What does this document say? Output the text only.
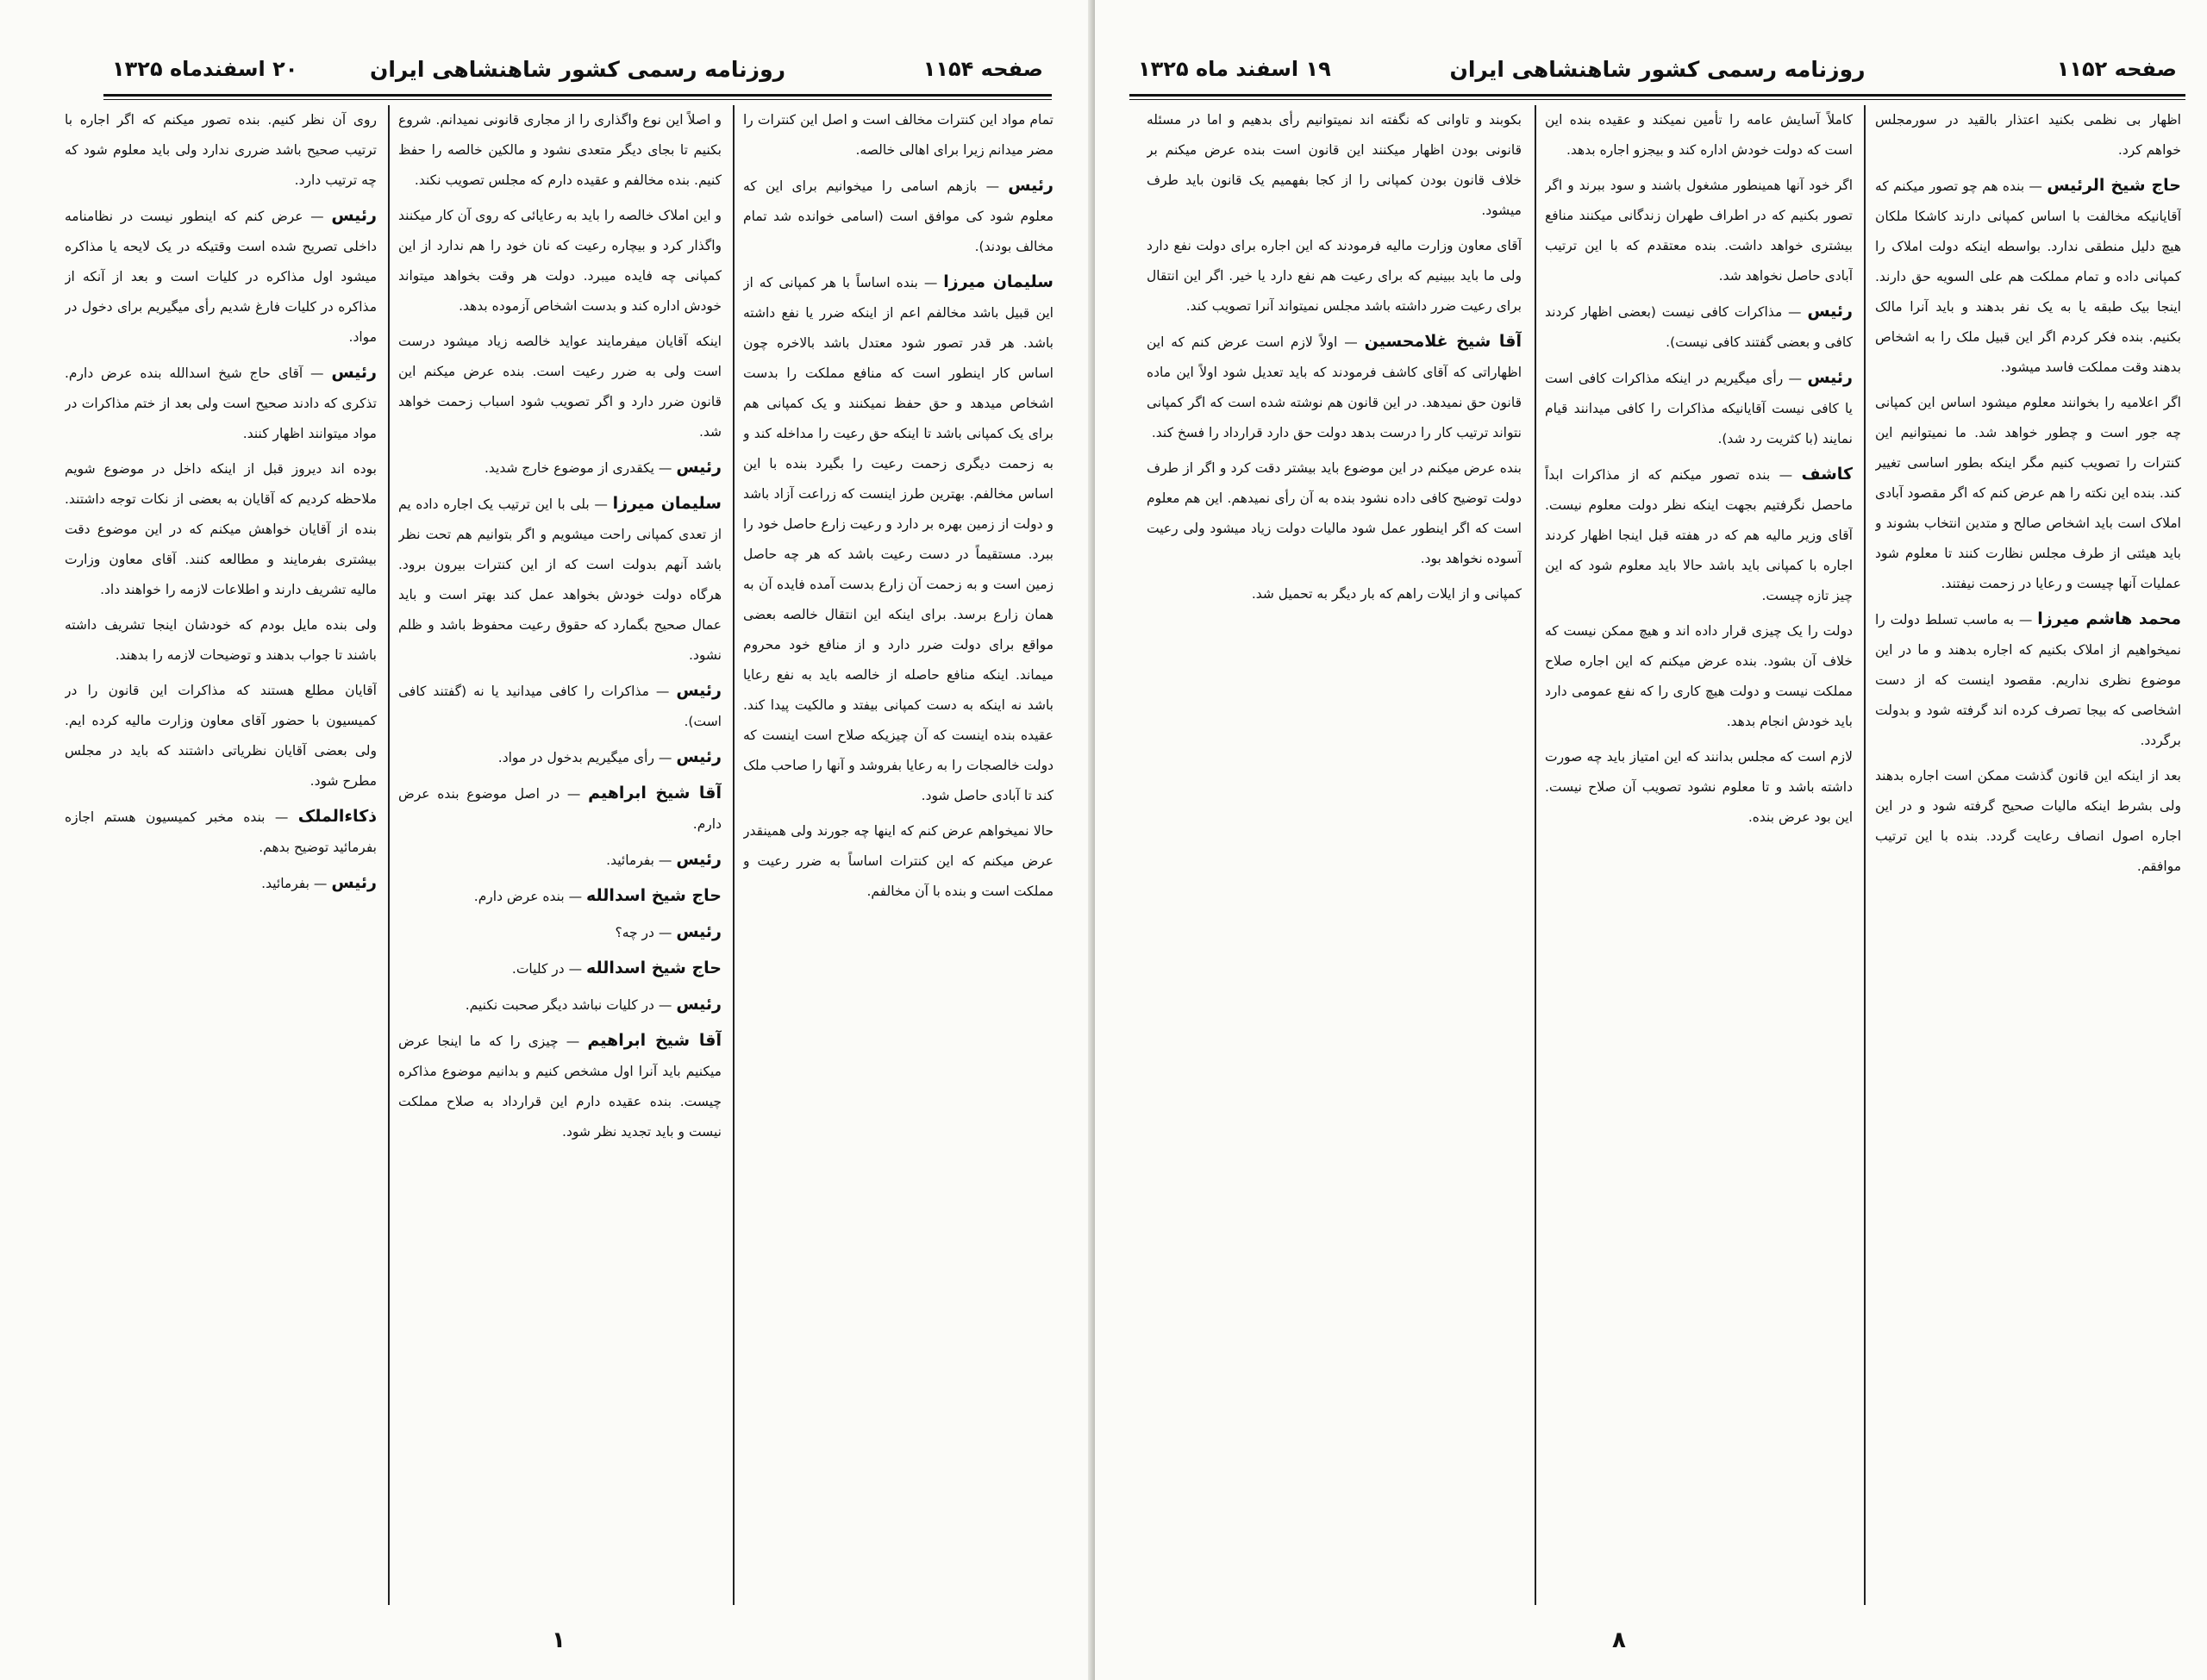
صفحه ۱۱۵۴
روزنامه رسمی کشور شاهنشاهی ایران
۲۰ اسفندماه ۱۳۲۵

تمام مواد این کنترات مخالف است و اصل این کنترات را مضر میدانم زیرا برای اهالی خالصه.

رئیس — بازهم اسامی را میخوانیم برای این که معلوم شود کی موافق است (اسامی خوانده شد تمام مخالف بودند).

سلیمان میرزا — بنده اساساً با هر کمپانی که از این قبیل باشد مخالفم اعم از اینکه ضرر یا نفع داشته باشد. هر قدر تصور شود معتدل باشد بالاخره چون اساس کار اینطور است که منافع مملکت را بدست اشخاص میدهد و حق حفظ نمیکنند و یک کمپانی هم برای یک کمپانی باشد تا اینکه حق رعیت را مداخله کند و به زحمت دیگری زحمت رعیت را بگیرد بنده با این اساس مخالفم. بهترین طرز اینست که زراعت آزاد باشد و دولت از زمین بهره بر دارد و رعیت زارع حاصل خود را ببرد. مستقیماً در دست رعیت باشد که هر چه حاصل زمین است و به زحمت آن زارع بدست آمده فایده آن به همان زارع برسد. برای اینکه این انتقال خالصه بعضی مواقع برای دولت ضرر دارد و از منافع خود محروم میماند. اینکه منافع حاصله از خالصه باید به نفع رعایا باشد نه اینکه به دست کمپانی بیفتد و مالکیت پیدا کند. عقیده بنده اینست که آن چیزیکه صلاح است اینست که دولت خالصجات را به رعایا بفروشد و آنها را صاحب ملک کند تا آبادی حاصل شود.

حالا نمیخواهم عرض کنم که اینها چه جورند ولی همینقدر عرض میکنم که این کنترات اساساً به ضرر رعیت و مملکت است و بنده با آن مخالفم.

و اصلاً این نوع واگذاری را از مجاری قانونی نمیدانم. شروع بکنیم تا بجای دیگر متعدی نشود و مالکین خالصه را حفظ کنیم. بنده مخالفم و عقیده دارم که مجلس تصویب نکند.

و این املاک خالصه را باید به رعایائی که روی آن کار میکنند واگذار کرد و بیچاره رعیت که نان خود را هم ندارد از این کمپانی چه فایده میبرد. دولت هر وقت بخواهد میتواند خودش اداره کند و بدست اشخاص آزموده بدهد.

اینکه آقایان میفرمایند عواید خالصه زیاد میشود درست است ولی به ضرر رعیت است. بنده عرض میکنم این قانون ضرر دارد و اگر تصویب شود اسباب زحمت خواهد شد.

رئیس — یکقدری از موضوع خارج شدید.

سلیمان میرزا — بلی با این ترتیب یک اجاره داده یم از تعدی کمپانی راحت میشویم و اگر بتوانیم هم تحت نظر باشد آنهم بدولت است که از این کنترات بیرون برود. هرگاه دولت خودش بخواهد عمل کند بهتر است و باید عمال صحیح بگمارد که حقوق رعیت محفوظ باشد و ظلم نشود.

رئیس — مذاکرات را کافی میدانید یا نه (گفتند کافی است).

رئیس — رأی میگیریم بدخول در مواد.

آقا شیخ ابراهیم — در اصل موضوع بنده عرض دارم.

رئیس — بفرمائید.

حاج شیخ اسدالله — بنده عرض دارم.

رئیس — در چه؟

حاج شیخ اسدالله — در کلیات.

رئیس — در کلیات نباشد دیگر صحبت نکنیم.

آقا شیخ ابراهیم — چیزی را که ما اینجا عرض میکنیم باید آنرا اول مشخص کنیم و بدانیم موضوع مذاکره چیست. بنده عقیده دارم این قرارداد به صلاح مملکت نیست و باید تجدید نظر شود.

روی آن نظر کنیم. بنده تصور میکنم که اگر اجاره با ترتیب صحیح باشد ضرری ندارد ولی باید معلوم شود که چه ترتیب دارد.

رئیس — عرض کنم که اینطور نیست در نظامنامه داخلی تصریح شده است وقتیکه در یک لایحه یا مذاکره میشود اول مذاکره در کلیات است و بعد از آنکه از مذاکره در کلیات فارغ شدیم رأی میگیریم برای دخول در مواد.

رئیس — آقای حاج شیخ اسدالله بنده عرض دارم. تذکری که دادند صحیح است ولی بعد از ختم مذاکرات در مواد میتوانند اظهار کنند.

بوده اند دیروز قبل از اینکه داخل در موضوع شویم ملاحظه کردیم که آقایان به بعضی از نکات توجه داشتند. بنده از آقایان خواهش میکنم که در این موضوع دقت بیشتری بفرمایند و مطالعه کنند. آقای معاون وزارت مالیه تشریف دارند و اطلاعات لازمه را خواهند داد.

ولی بنده مایل بودم که خودشان اینجا تشریف داشته باشند تا جواب بدهند و توضیحات لازمه را بدهند.

آقایان مطلع هستند که مذاکرات این قانون را در کمیسیون با حضور آقای معاون وزارت مالیه کرده ایم. ولی بعضی آقایان نظریاتی داشتند که باید در مجلس مطرح شود.

ذکاءالملک — بنده مخبر کمیسیون هستم اجازه بفرمائید توضیح بدهم.

رئیس — بفرمائید.

۱
صفحه ۱۱۵۲
روزنامه رسمی کشور شاهنشاهی ایران
۱۹ اسفند ماه ۱۳۲۵

اظهار بی نظمی بکنید اعتذار بالقید در سورمجلس خواهم کرد.

حاج شیخ الرئیس — بنده هم چو تصور میکنم که آقایانیکه مخالفت با اساس کمپانی دارند کاشکا ملکان هیچ دلیل منطقی ندارد. بواسطه اینکه دولت املاک را کمپانی داده و تمام مملکت هم علی السویه حق دارند. اینجا بیک طبقه یا به یک نفر بدهند و باید آنرا مالک بکنیم. بنده فکر کردم اگر این قبیل ملک را به اشخاص بدهند وقت مملکت فاسد میشود.

اگر اعلامیه را بخوانند معلوم میشود اساس این کمپانی چه جور است و چطور خواهد شد. ما نمیتوانیم این کنترات را تصویب کنیم مگر اینکه بطور اساسی تغییر کند. بنده این نکته را هم عرض کنم که اگر مقصود آبادی املاک است باید اشخاص صالح و متدین انتخاب بشوند و باید هیئتی از طرف مجلس نظارت کنند تا معلوم شود عملیات آنها چیست و رعایا در زحمت نیفتند.

محمد هاشم میرزا — به ماسب تسلط دولت را نمیخواهیم از املاک بکنیم که اجاره بدهند و ما در این موضوع نظری نداریم. مقصود اینست که از دست اشخاصی که بیجا تصرف کرده اند گرفته شود و بدولت برگردد.

بعد از اینکه این قانون گذشت ممکن است اجاره بدهند ولی بشرط اینکه مالیات صحیح گرفته شود و در این اجاره اصول انصاف رعایت گردد. بنده با این ترتیب موافقم.

کاملاً آسایش عامه را تأمین نمیکند و عقیده بنده این است که دولت خودش اداره کند و بیجزو اجاره بدهد.

اگر خود آنها همینطور مشغول باشند و سود ببرند و اگر تصور بکنیم که در اطراف طهران زندگانی میکنند منافع بیشتری خواهد داشت. بنده معتقدم که با این ترتیب آبادی حاصل نخواهد شد.

رئیس — مذاکرات کافی نیست (بعضی اظهار کردند کافی و بعضی گفتند کافی نیست).

رئیس — رأی میگیریم در اینکه مذاکرات کافی است یا کافی نیست آقایانیکه مذاکرات را کافی میدانند قیام نمایند (با کثریت رد شد).

کاشف — بنده تصور میکنم که از مذاکرات ابداً ماحصل نگرفتیم بجهت اینکه نظر دولت معلوم نیست. آقای وزیر مالیه هم که در هفته قبل اینجا اظهار کردند اجاره با کمپانی باید باشد حالا باید معلوم شود که این چیز تازه چیست.

دولت را یک چیزی قرار داده اند و هیچ ممکن نیست که خلاف آن بشود. بنده عرض میکنم که این اجاره صلاح مملکت نیست و دولت هیچ کاری را که نفع عمومی دارد باید خودش انجام بدهد.

لازم است که مجلس بدانند که این امتیاز باید چه صورت داشته باشد و تا معلوم نشود تصویب آن صلاح نیست. این بود عرض بنده.

بکوبند و تاوانی که نگفته اند نمیتوانیم رأی بدهیم و اما در مسئله قانونی بودن اظهار میکنند این قانون است بنده عرض میکنم بر خلاف قانون بودن کمپانی را از کجا بفهمیم یک قانون باید طرف میشود.

آقای معاون وزارت مالیه فرمودند که این اجاره برای دولت نفع دارد ولی ما باید ببینیم که برای رعیت هم نفع دارد یا خیر. اگر این انتقال برای رعیت ضرر داشته باشد مجلس نمیتواند آنرا تصویب کند.

آقا شیخ غلامحسین — اولاً لازم است عرض کنم که این اظهاراتی که آقای کاشف فرمودند که باید تعدیل شود اولاً این ماده قانون حق نمیدهد. در این قانون هم نوشته شده است که اگر کمپانی نتواند ترتیب کار را درست بدهد دولت حق دارد قرارداد را فسخ کند.

بنده عرض میکنم در این موضوع باید بیشتر دقت کرد و اگر از طرف دولت توضیح کافی داده نشود بنده به آن رأی نمیدهم. این هم معلوم است که اگر اینطور عمل شود مالیات دولت زیاد میشود ولی رعیت آسوده نخواهد بود.

کمپانی و از ایلات راهم که بار دیگر به تحمیل شد.

۸
